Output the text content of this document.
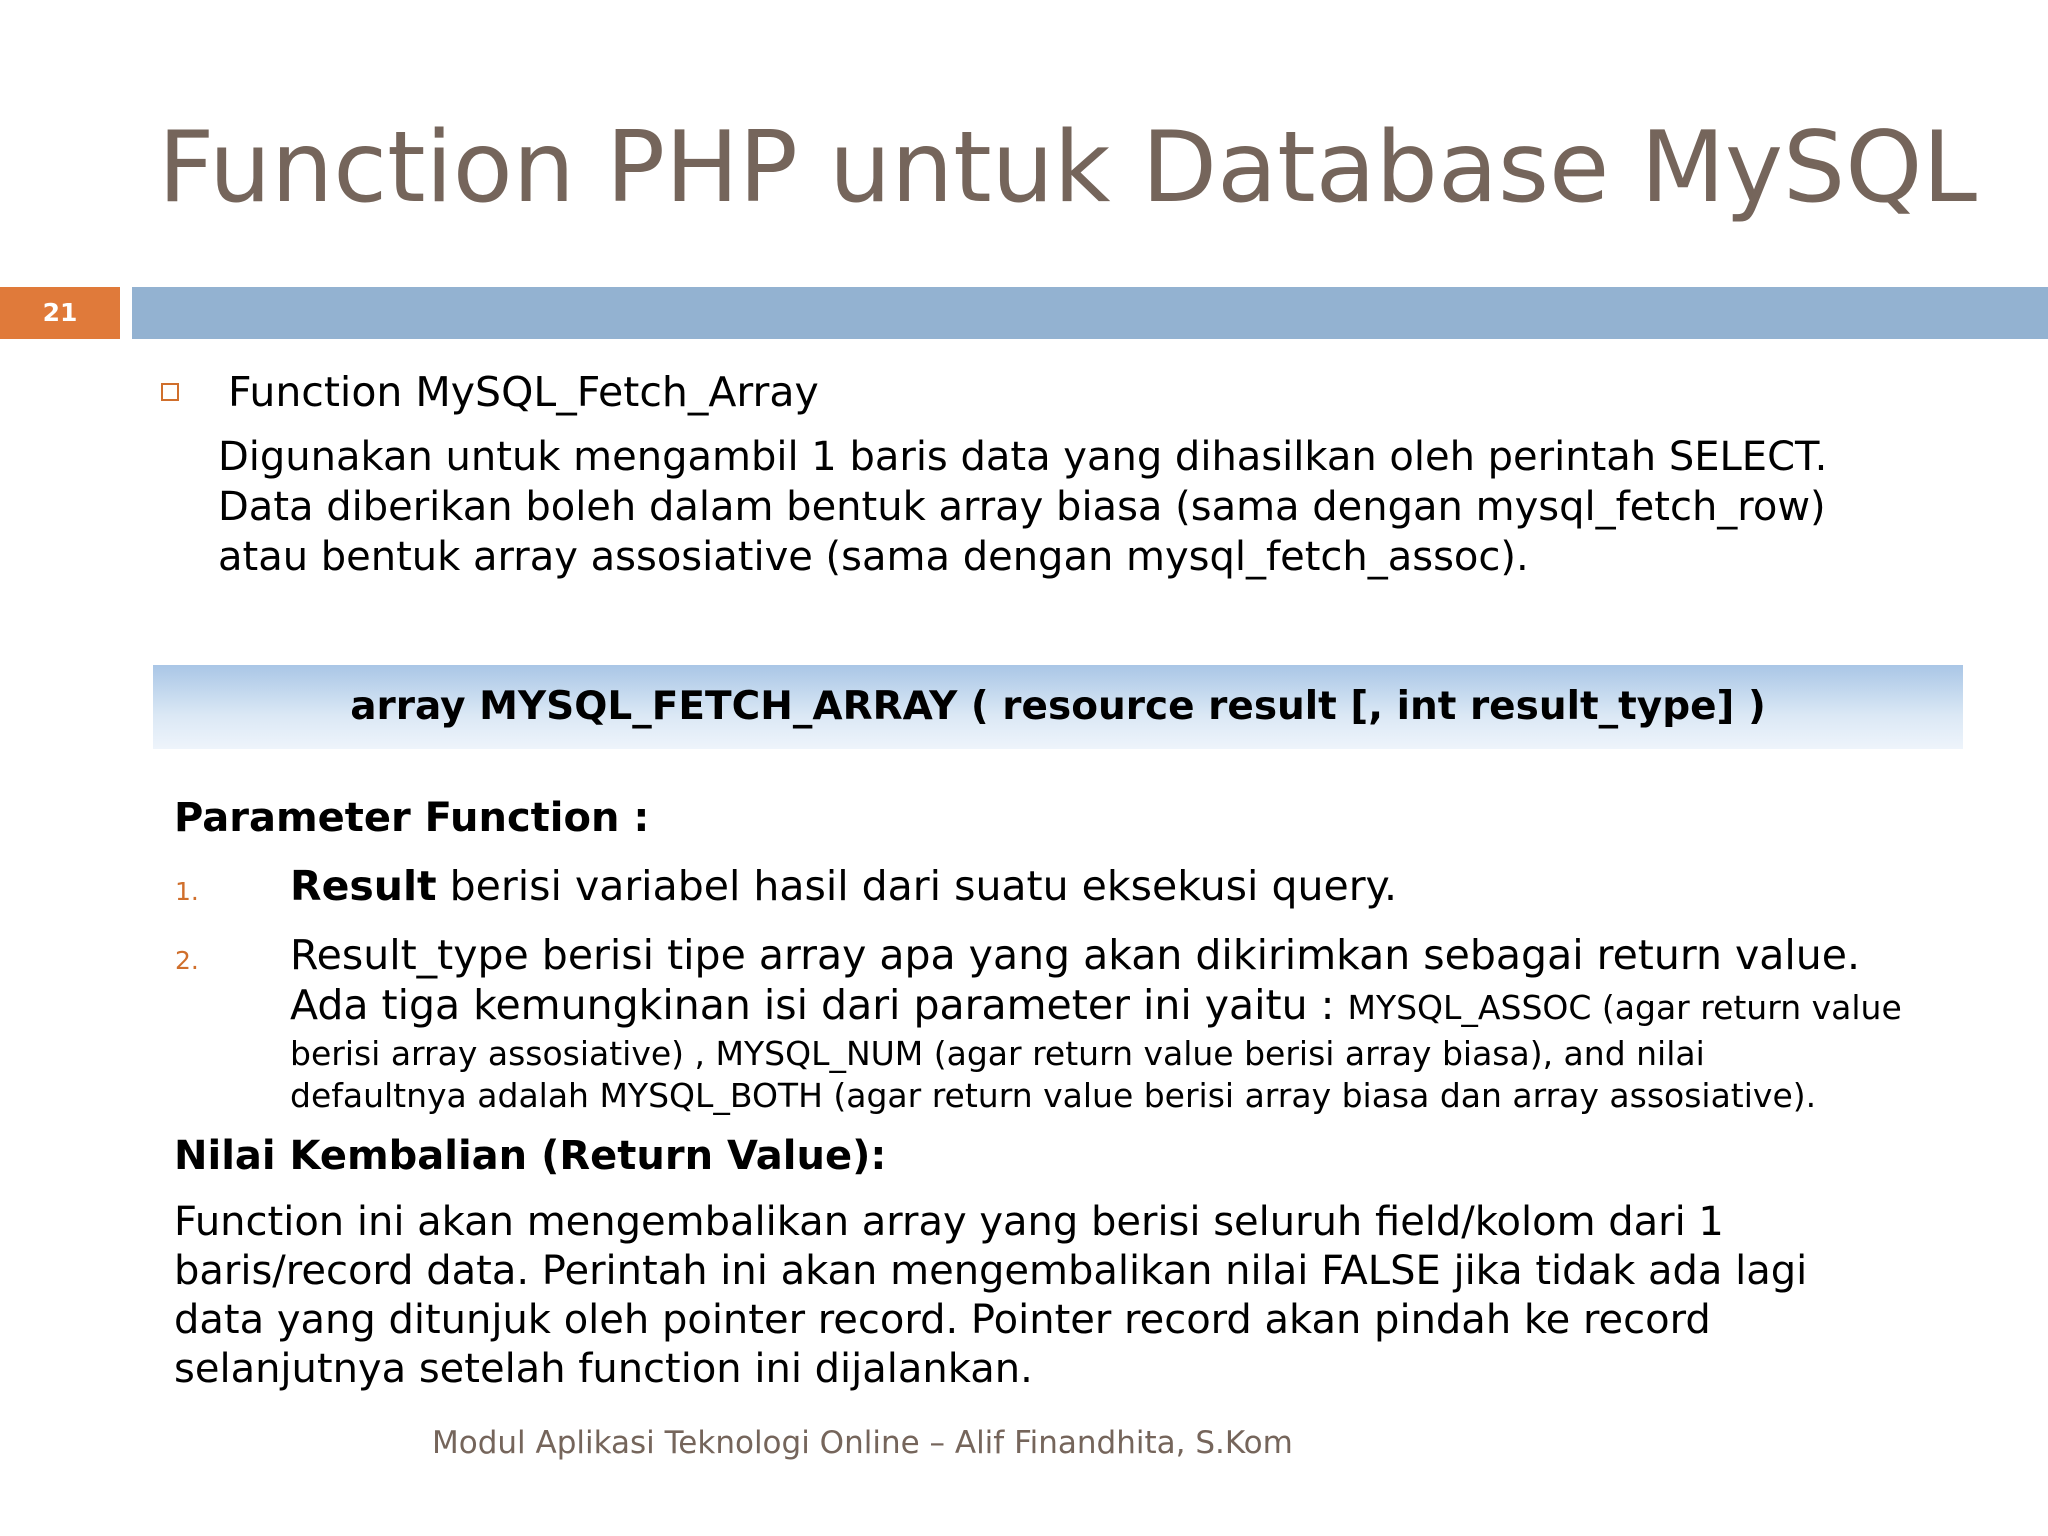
Function PHP untuk Database MySQL
21
Function MySQL_Fetch_Array
Digunakan untuk mengambil 1 baris data yang dihasilkan oleh perintah SELECT.
Data diberikan boleh dalam bentuk array biasa (sama dengan mysql_fetch_row)
atau bentuk array assosiative (sama dengan mysql_fetch_assoc).
array MYSQL_FETCH_ARRAY ( resource result [, int result_type] )
Parameter Function :
1. Result berisi variabel hasil dari suatu eksekusi query.
2. Result_type berisi tipe array apa yang akan dikirimkan sebagai return value.
Ada tiga kemungkinan isi dari parameter ini yaitu : MYSQL_ASSOC (agar return value
berisi array assosiative) , MYSQL_NUM (agar return value berisi array biasa), and nilai
defaultnya adalah MYSQL_BOTH (agar return value berisi array biasa dan array assosiative).
Nilai Kembalian (Return Value):
Function ini akan mengembalikan array yang berisi seluruh field/kolom dari 1
baris/record data. Perintah ini akan mengembalikan nilai FALSE jika tidak ada lagi
data yang ditunjuk oleh pointer record. Pointer record akan pindah ke record
selanjutnya setelah function ini dijalankan.
Modul Aplikasi Teknologi Online – Alif Finandhita, S.Kom
